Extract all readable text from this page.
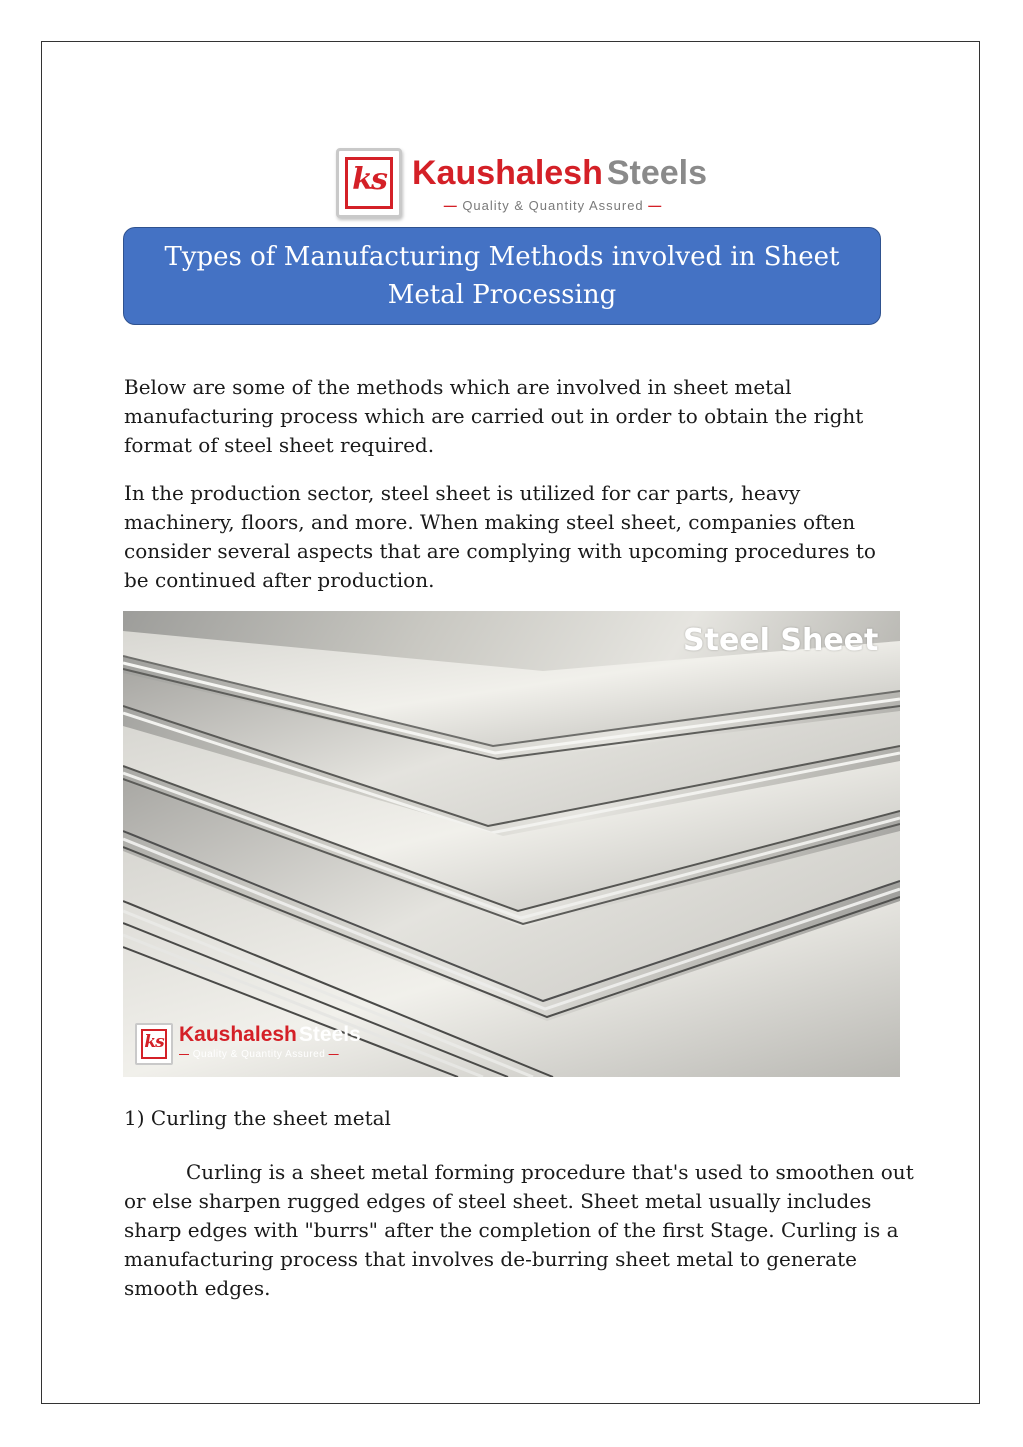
ks Kaushalesh Steels
— Quality & Quantity Assured —
Types of Manufacturing Methods involved in Sheet Metal Processing

Below are some of the methods which are involved in sheet metal manufacturing process which are carried out in order to obtain the right format of steel sheet required.

In the production sector, steel sheet is utilized for car parts, heavy machinery, floors, and more. When making steel sheet, companies often consider several aspects that are complying with upcoming procedures to be continued after production.

Steel Sheet
ks KaushaleshSteels
— Quality & Quantity Assured —

1) Curling the sheet metal

Curling is a sheet metal forming procedure that's used to smoothen out or else sharpen rugged edges of steel sheet. Sheet metal usually includes sharp edges with "burrs" after the completion of the first Stage. Curling is a manufacturing process that involves de-burring sheet metal to generate smooth edges.
